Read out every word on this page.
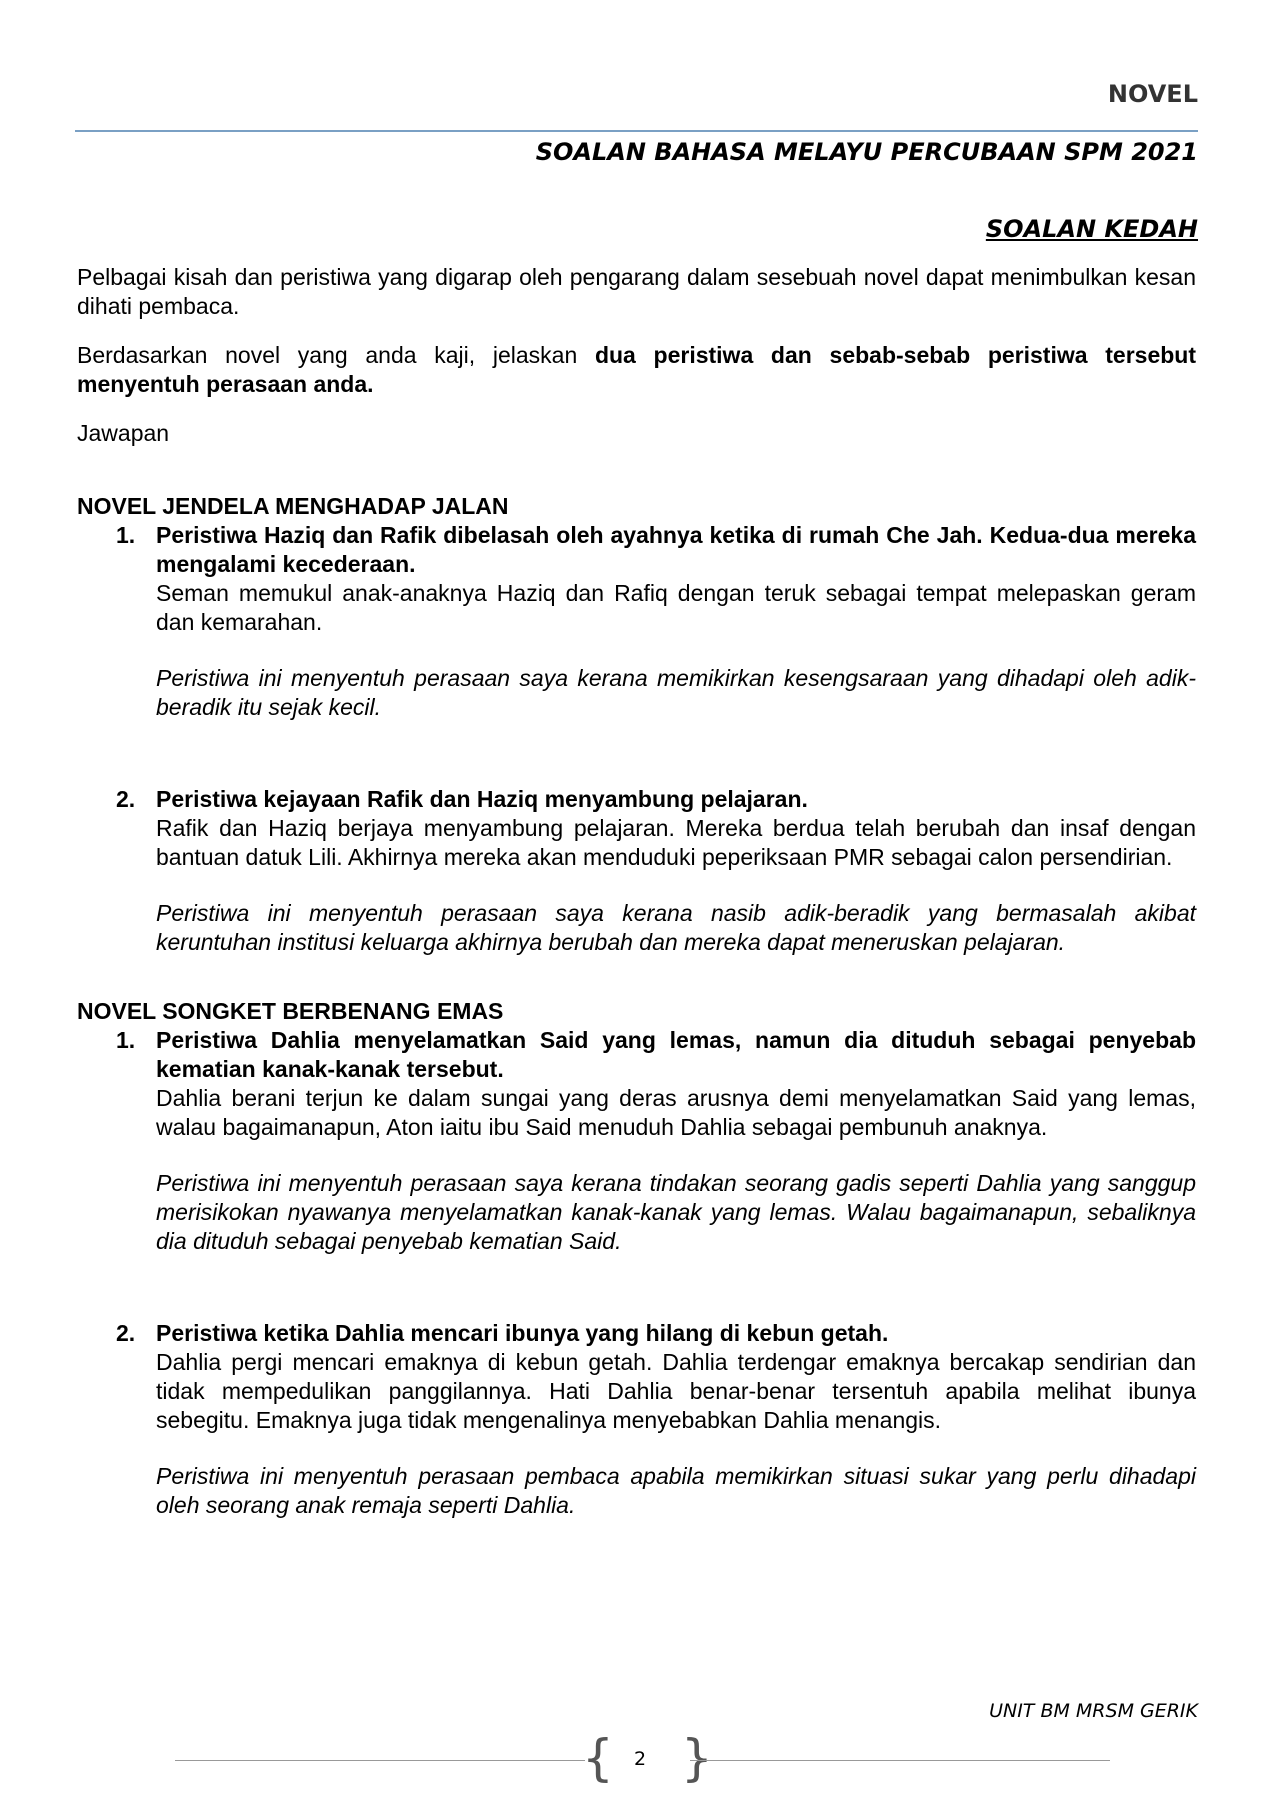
NOVEL
SOALAN BAHASA MELAYU PERCUBAAN SPM 2021
SOALAN KEDAH

Pelbagai kisah dan peristiwa yang digarap oleh pengarang dalam sesebuah novel dapat menimbulkan kesan dihati pembaca.

Berdasarkan novel yang anda kaji, jelaskan dua peristiwa dan sebab-sebab peristiwa tersebut menyentuh perasaan anda.

Jawapan

NOVEL JENDELA MENGHADAP JALAN

1. Peristiwa Haziq dan Rafik dibelasah oleh ayahnya ketika di rumah Che Jah. Kedua-dua mereka mengalami kecederaan.

Seman memukul anak-anaknya Haziq dan Rafiq dengan teruk sebagai tempat melepaskan geram dan kemarahan.

Peristiwa ini menyentuh perasaan saya kerana memikirkan kesengsaraan yang dihadapi oleh adik-beradik itu sejak kecil.

2. Peristiwa kejayaan Rafik dan Haziq menyambung pelajaran.

Rafik dan Haziq berjaya menyambung pelajaran. Mereka berdua telah berubah dan insaf dengan bantuan datuk Lili. Akhirnya mereka akan menduduki peperiksaan PMR sebagai calon persendirian.

Peristiwa ini menyentuh perasaan saya kerana nasib adik-beradik yang bermasalah akibat keruntuhan institusi keluarga akhirnya berubah dan mereka dapat meneruskan pelajaran.

NOVEL SONGKET BERBENANG EMAS

1. Peristiwa Dahlia menyelamatkan Said yang lemas, namun dia dituduh sebagai penyebab kematian kanak-kanak tersebut.

Dahlia berani terjun ke dalam sungai yang deras arusnya demi menyelamatkan Said yang lemas, walau bagaimanapun, Aton iaitu ibu Said menuduh Dahlia sebagai pembunuh anaknya.

Peristiwa ini menyentuh perasaan saya kerana tindakan seorang gadis seperti Dahlia yang sanggup merisikokan nyawanya menyelamatkan kanak-kanak yang lemas. Walau bagaimanapun, sebaliknya dia dituduh sebagai penyebab kematian Said.

2. Peristiwa ketika Dahlia mencari ibunya yang hilang di kebun getah.

Dahlia pergi mencari emaknya di kebun getah. Dahlia terdengar emaknya bercakap sendirian dan tidak mempedulikan panggilannya. Hati Dahlia benar-benar tersentuh apabila melihat ibunya sebegitu. Emaknya juga tidak mengenalinya menyebabkan Dahlia menangis.

Peristiwa ini menyentuh perasaan pembaca apabila memikirkan situasi sukar yang perlu dihadapi oleh seorang anak remaja seperti Dahlia.

UNIT BM MRSM GERIK
{	2 }
